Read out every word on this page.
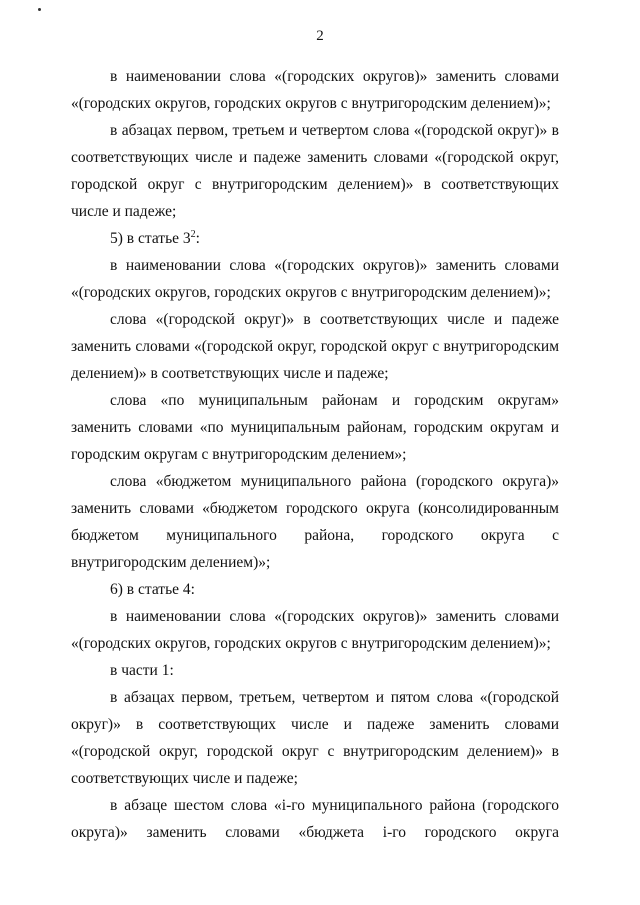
2

в наименовании слова «(городских округов)» заменить словами «(городских округов, городских округов с внутригородским делением)»;

в абзацах первом, третьем и четвертом слова «(городской округ)» в соответствующих числе и падеже заменить словами «(городской округ, городской округ с внутригородским делением)» в соответствующих числе и падеже;

5) в статье $3^2$:

в наименовании слова «(городских округов)» заменить словами «(городских округов, городских округов с внутригородским делением)»;

слова «(городской округ)» в соответствующих числе и падеже заменить словами «(городской округ, городской округ с внутригородским делением)» в соответствующих числе и падеже;

слова «по муниципальным районам и городским округам» заменить словами «по муниципальным районам, городским округам и городским округам с внутригородским делением»;

слова «бюджетом муниципального района (городского округа)» заменить словами «бюджетом городского округа (консолидированным бюджетом муниципального района, городского округа с внутригородским делением)»;

6) в статье 4:

в наименовании слова «(городских округов)» заменить словами «(городских округов, городских округов с внутригородским делением)»;

в части 1:

в абзацах первом, третьем, четвертом и пятом слова «(городской округ)» в соответствующих числе и падеже заменить словами «(городской округ, городской округ с внутригородским делением)» в соответствующих числе и падеже;

в абзаце шестом слова «i-го муниципального района (городского округа)» заменить словами «бюджета i-го городского округа
